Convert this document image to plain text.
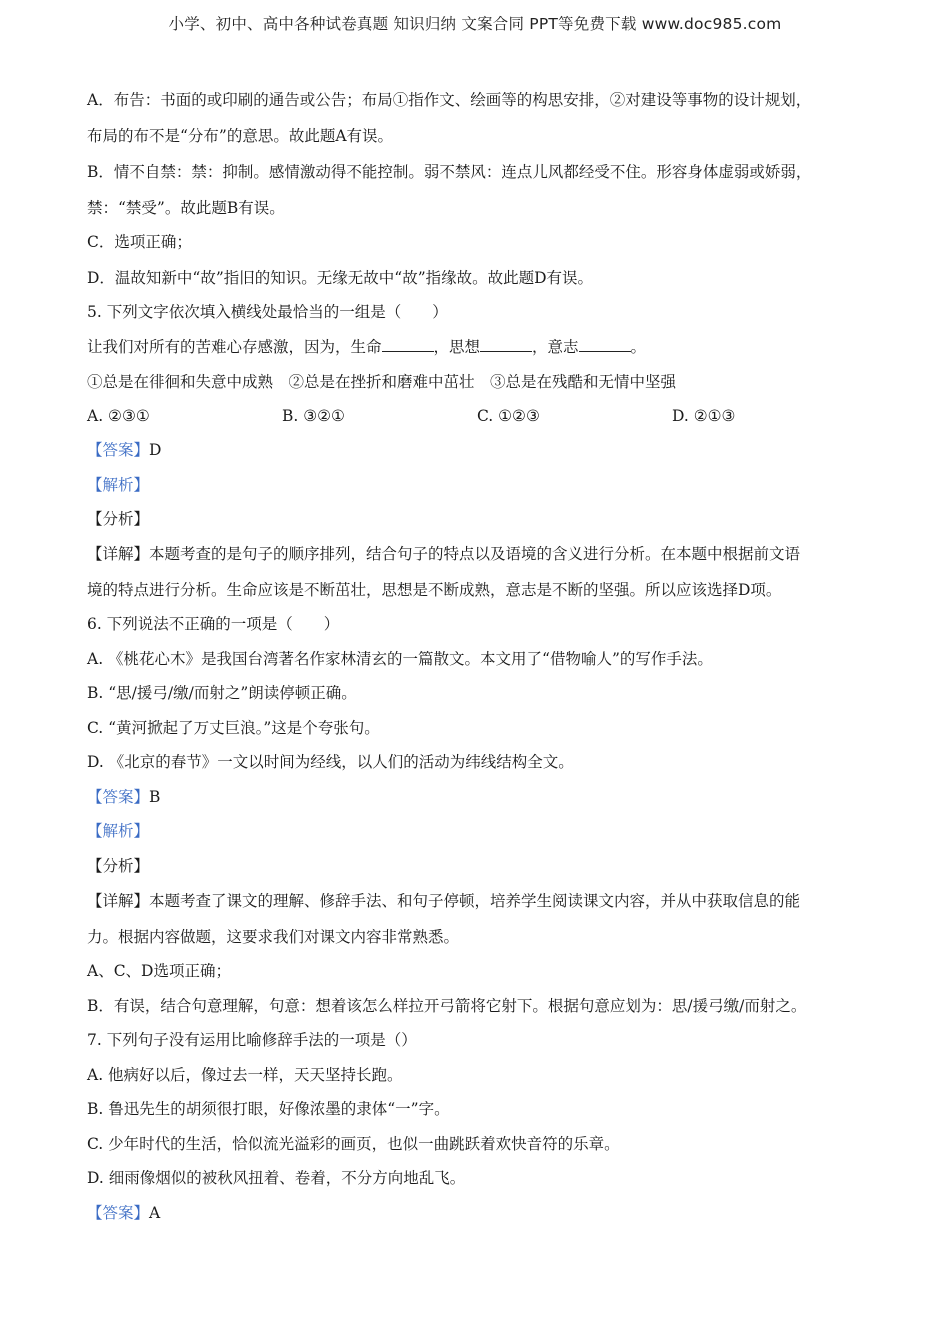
小学、初中、高中各种试卷真题 知识归纳 文案合同 PPT等免费下载 www.doc985.com

A．布告：书面的或印刷的通告或公告；布局①指作文、绘画等的构思安排，②对建设等事物的设计规划，

布局的布不是“分布”的意思。故此题A有误。

B．情不自禁：禁：抑制。感情激动得不能控制。弱不禁风：连点儿风都经受不住。形容身体虚弱或娇弱，

禁：“禁受”。故此题B有误。

C．选项正确；

D．温故知新中“故”指旧的知识。无缘无故中“故”指缘故。故此题D有误。

5. 下列文字依次填入横线处最恰当的一组是（　　）

让我们对所有的苦难心存感激，因为，生命	，思想	，意志	。

①总是在徘徊和失意中成熟　②总是在挫折和磨难中茁壮　③总是在残酷和无情中坚强

A. ②③①	B. ③②①	C. ①②③	D. ②①③

【答案】D

【解析】

【分析】

【详解】本题考查的是句子的顺序排列，结合句子的特点以及语境的含义进行分析。在本题中根据前文语

境的特点进行分析。生命应该是不断茁壮，思想是不断成熟，意志是不断的坚强。所以应该选择D项。

6. 下列说法不正确的一项是（　　）

A. 《桃花心木》是我国台湾著名作家林清玄的一篇散文。本文用了“借物喻人”的写作手法。

B. “思/援弓/缴/而射之”朗读停顿正确。

C. “黄河掀起了万丈巨浪。”这是个夸张句。

D. 《北京的春节》一文以时间为经线，以人们的活动为纬线结构全文。

【答案】B

【解析】

【分析】

【详解】本题考查了课文的理解、修辞手法、和句子停顿，培养学生阅读课文内容，并从中获取信息的能

力。根据内容做题，这要求我们对课文内容非常熟悉。

A、C、D选项正确；

B．有误，结合句意理解，句意：想着该怎么样拉开弓箭将它射下。根据句意应划为：思/援弓缴/而射之。

7. 下列句子没有运用比喻修辞手法的一项是（）

A. 他病好以后，像过去一样，天天坚持长跑。

B. 鲁迅先生的胡须很打眼，好像浓墨的隶体“一”字。

C. 少年时代的生活，恰似流光溢彩的画页，也似一曲跳跃着欢快音符的乐章。

D. 细雨像烟似的被秋风扭着、卷着，不分方向地乱飞。

【答案】A
